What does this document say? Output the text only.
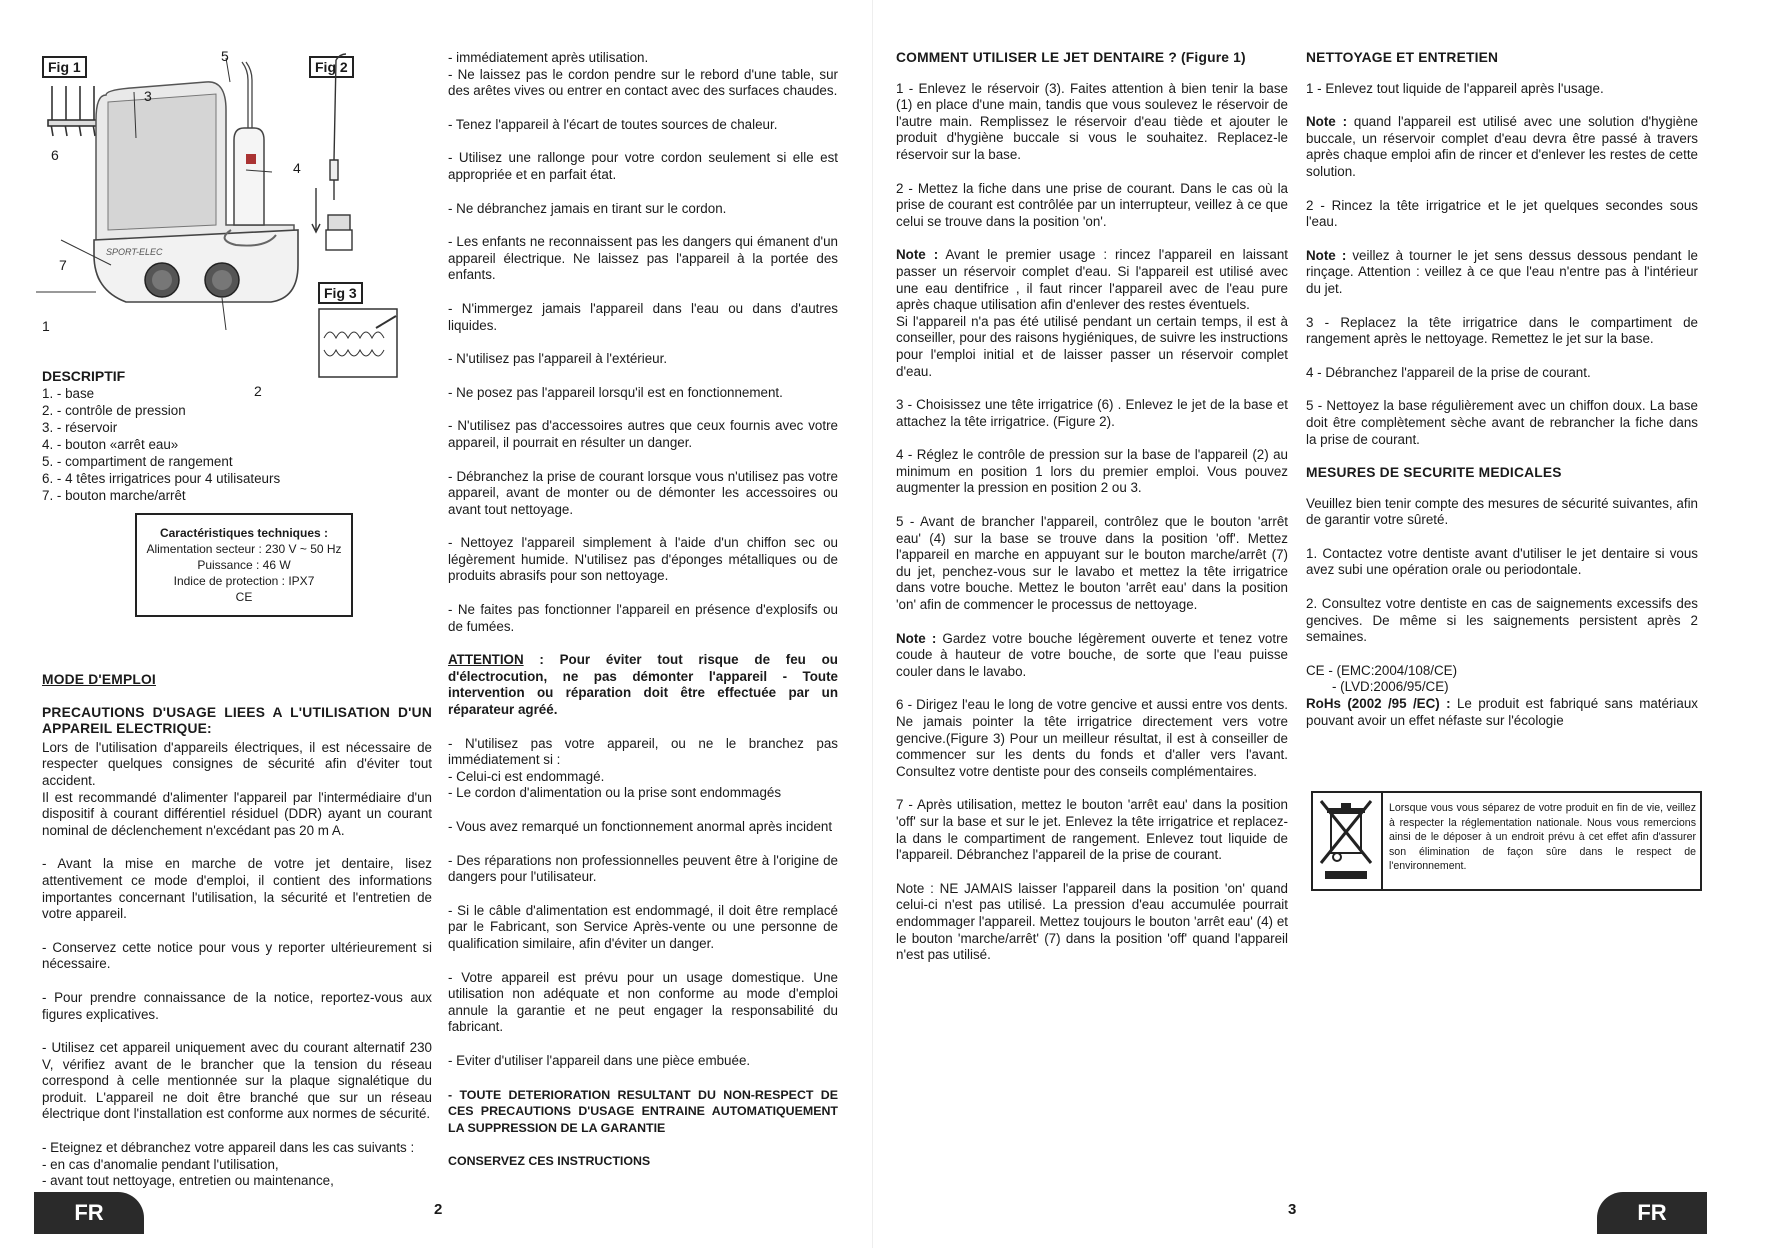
Fig 1	Fig 2
Fig 3
SPORT-ELEC
1
2
3
4
5
6
7
DESCRIPTIF
1. - base
2. - contrôle de pression
3. - réservoir
4. - bouton «arrêt eau»
5. - compartiment de rangement
6. - 4 têtes irrigatrices pour 4 utilisateurs
7. - bouton marche/arrêt
Caractéristiques techniques :
Alimentation secteur : 230 V ~ 50 Hz
Puissance : 46 W
Indice de protection : IPX7
CE
MODE D'EMPLOI
PRECAUTIONS D'USAGE LIEES A L'UTILISATION D'UN APPAREIL ELECTRIQUE:
Lors de l'utilisation d'appareils électriques, il est nécessaire de respecter quelques consignes de sécurité afin d'éviter tout accident.

Il est recommandé d'alimenter l'appareil par l'intermédiaire d'un dispositif à courant différentiel résiduel (DDR) ayant un courant nominal de déclenchement n'excédant pas 20 m A.

- Avant la mise en marche de votre jet dentaire, lisez attentivement ce mode d'emploi, il contient des informations importantes concernant l'utilisation, la sécurité et l'entretien de votre appareil.

- Conservez cette notice pour vous y reporter ultérieurement si nécessaire.

- Pour prendre connaissance de la notice, reportez-vous aux figures explicatives.

- Utilisez cet appareil uniquement avec du courant alternatif 230 V, vérifiez avant de le brancher que la tension du réseau correspond à celle mentionnée sur la plaque signalétique du produit. L'appareil ne doit être branché que sur un réseau électrique dont l'installation est conforme aux normes de sécurité.

- Eteignez et débranchez votre appareil dans les cas suivants :
- en cas d'anomalie pendant l'utilisation,
- avant tout nettoyage, entretien ou maintenance,
- immédiatement après utilisation.

- Ne laissez pas le cordon pendre sur le rebord d'une table, sur des arêtes vives ou entrer en contact avec des surfaces chaudes.

- Tenez l'appareil à l'écart de toutes sources de chaleur.

- Utilisez une rallonge pour votre cordon seulement si elle est appropriée et en parfait état.

- Ne débranchez jamais en tirant sur le cordon.

- Les enfants ne reconnaissent pas les dangers qui émanent d'un appareil électrique. Ne laissez pas l'appareil à la portée des enfants.

- N'immergez jamais l'appareil dans l'eau ou dans d'autres liquides.

- N'utilisez pas l'appareil à l'extérieur.

- Ne posez pas l'appareil lorsqu'il est en fonctionnement.

- N'utilisez pas d'accessoires autres que ceux fournis avec votre appareil, il pourrait en résulter un danger.

- Débranchez la prise de courant lorsque vous n'utilisez pas votre appareil, avant de monter ou de démonter les accessoires ou avant tout nettoyage.

- Nettoyez l'appareil simplement à l'aide d'un chiffon sec ou légèrement humide. N'utilisez pas d'éponges métalliques ou de produits abrasifs pour son nettoyage.

- Ne faites pas fonctionner l'appareil en présence d'explosifs ou de fumées.

ATTENTION : Pour éviter tout risque de feu ou d'électrocution, ne pas démonter l'appareil - Toute intervention ou réparation doit être effectuée par un réparateur agréé.

- N'utilisez pas votre appareil, ou ne le branchez pas immédiatement si :
- Celui-ci est endommagé.

- Le cordon d'alimentation ou la prise sont endommagés

- Vous avez remarqué un fonctionnement anormal après incident

- Des réparations non professionnelles peuvent être à l'origine de dangers pour l'utilisateur.

- Si le câble d'alimentation est endommagé, il doit être remplacé par le Fabricant, son Service Après-vente ou une personne de qualification similaire, afin d'éviter un danger.

- Votre appareil est prévu pour un usage domestique. Une utilisation non adéquate et non conforme au mode d'emploi annule la garantie et ne peut engager la responsabilité du fabricant.

- Eviter d'utiliser l'appareil dans une pièce embuée.

- TOUTE DETERIORATION RESULTANT DU NON-RESPECT DE CES PRECAUTIONS D'USAGE ENTRAINE AUTOMATIQUEMENT LA SUPPRESSION DE LA GARANTIE

CONSERVEZ CES INSTRUCTIONS

COMMENT UTILISER LE JET DENTAIRE ? (Figure 1)

1 - Enlevez le réservoir (3). Faites attention à bien tenir la base (1) en place d'une main, tandis que vous soulevez le réservoir de l'autre main. Remplissez le réservoir d'eau tiède et ajouter le produit d'hygiène buccale si vous le souhaitez. Replacez-le réservoir sur la base.

2 - Mettez la fiche dans une prise de courant. Dans le cas où la prise de courant est contrôlée par un interrupteur, veillez à ce que celui se trouve dans la position 'on'.

Note : Avant le premier usage : rincez l'appareil en laissant passer un réservoir complet d'eau. Si l'appareil est utilisé avec une eau dentifrice , il faut rincer l'appareil avec de l'eau pure après chaque utilisation afin d'enlever des restes éventuels.

Si l'appareil n'a pas été utilisé pendant un certain temps, il est à conseiller, pour des raisons hygiéniques, de suivre les instructions pour l'emploi initial et de laisser passer un réservoir complet d'eau.

3 - Choisissez une tête irrigatrice (6) . Enlevez le jet de la base et attachez la tête irrigatrice. (Figure 2).

4 - Réglez le contrôle de pression sur la base de l'appareil (2) au minimum en position 1 lors du premier emploi. Vous pouvez augmenter la pression en position 2 ou 3.

5 - Avant de brancher l'appareil, contrôlez que le bouton 'arrêt eau' (4) sur la base se trouve dans la position 'off'. Mettez l'appareil en marche en appuyant sur le bouton marche/arrêt (7) du jet, penchez-vous sur le lavabo et mettez la tête irrigatrice dans votre bouche. Mettez le bouton 'arrêt eau' dans la position 'on' afin de commencer le processus de nettoyage.

Note : Gardez votre bouche légèrement ouverte et tenez votre coude à hauteur de votre bouche, de sorte que l'eau puisse couler dans le lavabo.

6 - Dirigez l'eau le long de votre gencive et aussi entre vos dents. Ne jamais pointer la tête irrigatrice directement vers votre gencive.(Figure 3) Pour un meilleur résultat, il est à conseiller de commencer sur les dents du fonds et d'aller vers l'avant. Consultez votre dentiste pour des conseils complémentaires.

7 - Après utilisation, mettez le bouton 'arrêt eau' dans la position 'off' sur la base et sur le jet. Enlevez la tête irrigatrice et replacez-la dans le compartiment de rangement. Enlevez tout liquide de l'appareil. Débranchez l'appareil de la prise de courant.

Note : NE JAMAIS laisser l'appareil dans la position 'on' quand celui-ci n'est pas utilisé. La pression d'eau accumulée pourrait endommager l'appareil. Mettez toujours le bouton 'arrêt eau' (4) et le bouton 'marche/arrêt' (7) dans la position 'off' quand l'appareil n'est pas utilisé.

NETTOYAGE ET ENTRETIEN

1 - Enlevez tout liquide de l'appareil après l'usage.

Note : quand l'appareil est utilisé avec une solution d'hygiène buccale, un réservoir complet d'eau devra être passé à travers après chaque emploi afin de rincer et d'enlever les restes de cette solution.

2 - Rincez la tête irrigatrice et le jet quelques secondes sous l'eau.

Note : veillez à tourner le jet sens dessus dessous pendant le rinçage. Attention : veillez à ce que l'eau n'entre pas à l'intérieur du jet.

3 - Replacez la tête irrigatrice dans le compartiment de rangement après le nettoyage. Remettez le jet sur la base.

4 - Débranchez l'appareil de la prise de courant.

5 - Nettoyez la base régulièrement avec un chiffon doux. La base doit être complètement sèche avant de rebrancher la fiche dans la prise de courant.

MESURES DE SECURITE MEDICALES

Veuillez bien tenir compte des mesures de sécurité suivantes, afin de garantir votre sûreté.

1. Contactez votre dentiste avant d'utiliser le jet dentaire si vous avez subi une opération orale ou periodontale.

2. Consultez votre dentiste en cas de saignements excessifs des gencives. De même si les saignements persistent après 2 semaines.

CE - (EMC:2004/108/CE)
- (LVD:2006/95/CE)
RoHs (2002 /95 /EC) : Le produit est fabriqué sans matériaux pouvant avoir un effet néfaste sur l'écologie
Lorsque vous vous séparez de votre produit en fin de vie, veillez à respecter la réglementation nationale. Nous vous remercions ainsi de le déposer à un endroit prévu à cet effet afin d'assurer son élimination de façon sûre dans le respect de l'environnement.
FR	2	3	FR
